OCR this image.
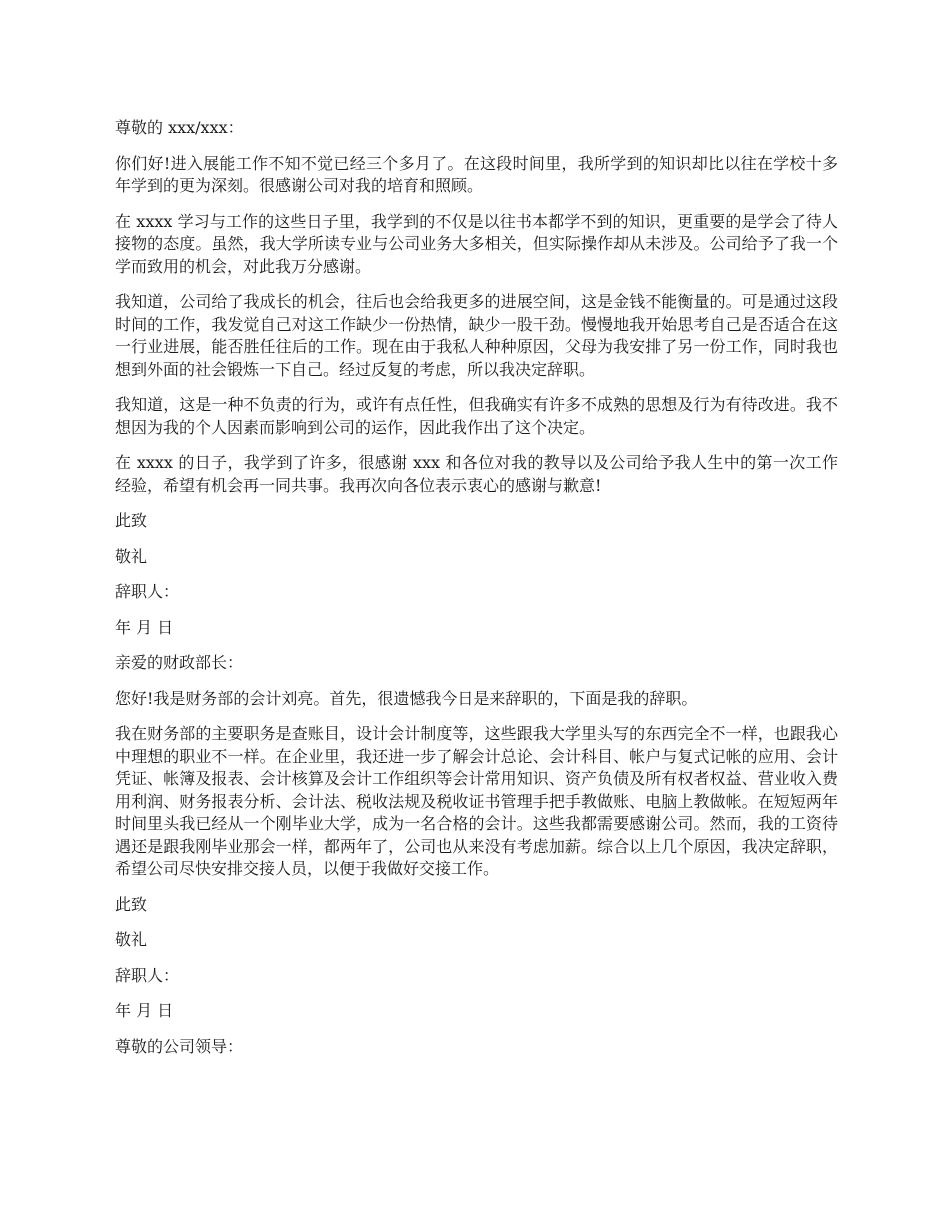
尊敬的 xxx/xxx：

你们好!进入展能工作不知不觉已经三个多月了。在这段时间里，我所学到的知识却比以往在学校十多年学到的更为深刻。很感谢公司对我的培育和照顾。

在 xxxx 学习与工作的这些日子里，我学到的不仅是以往书本都学不到的知识，更重要的是学会了待人接物的态度。虽然，我大学所读专业与公司业务大多相关，但实际操作却从未涉及。公司给予了我一个学而致用的机会，对此我万分感谢。

我知道，公司给了我成长的机会，往后也会给我更多的进展空间，这是金钱不能衡量的。可是通过这段时间的工作，我发觉自己对这工作缺少一份热情，缺少一股干劲。慢慢地我开始思考自己是否适合在这一行业进展，能否胜任往后的工作。现在由于我私人种种原因，父母为我安排了另一份工作，同时我也想到外面的社会锻炼一下自己。经过反复的考虑，所以我决定辞职。

我知道，这是一种不负责的行为，或许有点任性，但我确实有许多不成熟的思想及行为有待改进。我不想因为我的个人因素而影响到公司的运作，因此我作出了这个决定。

在 xxxx 的日子，我学到了许多，很感谢 xxx 和各位对我的教导以及公司给予我人生中的第一次工作经验，希望有机会再一同共事。我再次向各位表示衷心的感谢与歉意!

此致

敬礼

辞职人：

年 月 日

亲爱的财政部长：

您好!我是财务部的会计刘亮。首先，很遗憾我今日是来辞职的，下面是我的辞职。

我在财务部的主要职务是查账目，设计会计制度等，这些跟我大学里头写的东西完全不一样，也跟我心中理想的职业不一样。在企业里，我还进一步了解会计总论、会计科目、帐户与复式记帐的应用、会计凭证、帐簿及报表、会计核算及会计工作组织等会计常用知识、资产负债及所有权者权益、营业收入费用利润、财务报表分析、会计法、税收法规及税收证书管理手把手教做账、电脑上教做帐。在短短两年时间里头我已经从一个刚毕业大学，成为一名合格的会计。这些我都需要感谢公司。然而，我的工资待遇还是跟我刚毕业那会一样，都两年了，公司也从来没有考虑加薪。综合以上几个原因，我决定辞职，希望公司尽快安排交接人员，以便于我做好交接工作。

此致

敬礼

辞职人：

年 月 日

尊敬的公司领导：
